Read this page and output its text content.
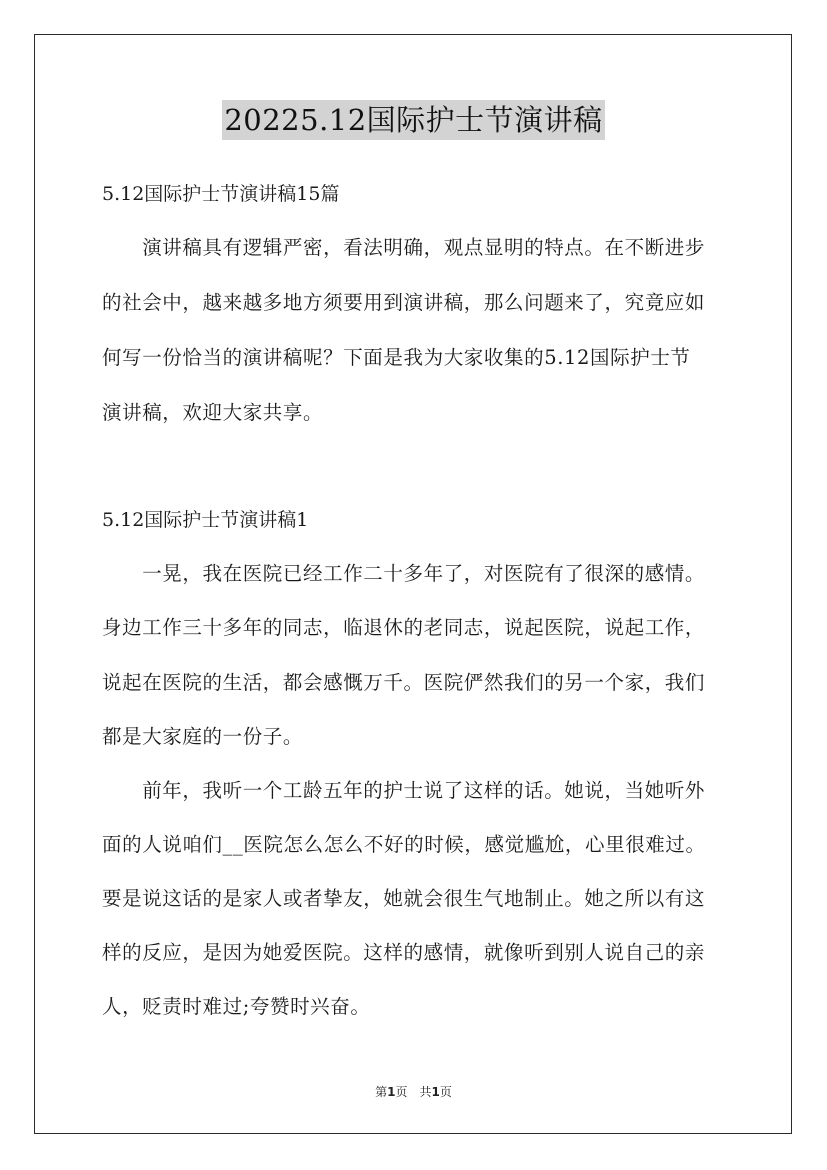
20225.12国际护士节演讲稿
5.12国际护士节演讲稿15篇
　　演讲稿具有逻辑严密，看法明确，观点显明的特点。在不断进步
的社会中，越来越多地方须要用到演讲稿，那么问题来了，究竟应如
何写一份恰当的演讲稿呢？下面是我为大家收集的5.12国际护士节
演讲稿，欢迎大家共享。
5.12国际护士节演讲稿1
　　一晃，我在医院已经工作二十多年了，对医院有了很深的感情。
身边工作三十多年的同志，临退休的老同志，说起医院，说起工作，
说起在医院的生活，都会感慨万千。医院俨然我们的另一个家，我们
都是大家庭的一份子。
　　前年，我听一个工龄五年的护士说了这样的话。她说，当她听外
面的人说咱们__医院怎么怎么不好的时候，感觉尴尬，心里很难过。
要是说这话的是家人或者挚友，她就会很生气地制止。她之所以有这
样的反应，是因为她爱医院。这样的感情，就像听到别人说自己的亲
人，贬责时难过;夸赞时兴奋。
第1页　共1页
